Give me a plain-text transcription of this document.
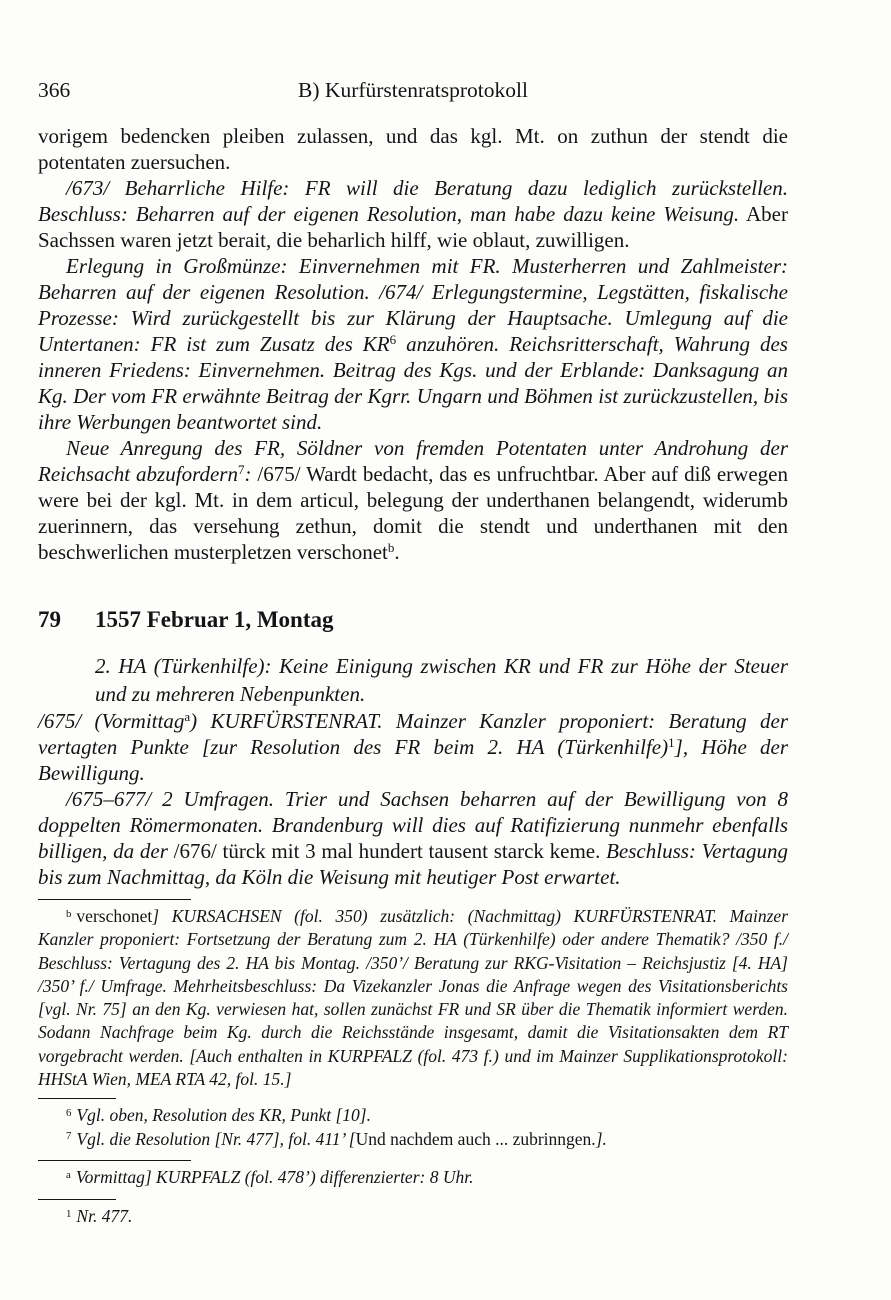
366	B) Kurfürstenratsprotokoll

vorigem bedencken pleiben zulassen, und das kgl. Mt. on zuthun der stendt die potentaten zuersuchen.

/673/ Beharrliche Hilfe: FR will die Beratung dazu lediglich zurückstellen. Beschluss: Beharren auf der eigenen Resolution, man habe dazu keine Weisung. Aber Sachssen waren jetzt berait, die beharlich hilff, wie oblaut, zuwilligen.

Erlegung in Großmünze: Einvernehmen mit FR. Musterherren und Zahlmeister: Beharren auf der eigenen Resolution. /674/ Erlegungstermine, Legstätten, fiskalische Prozesse: Wird zurückgestellt bis zur Klärung der Hauptsache. Umlegung auf die Untertanen: FR ist zum Zusatz des $KR^6$ anzuhören. Reichsritterschaft, Wahrung des inneren Friedens: Einvernehmen. Beitrag des Kgs. und der Erblande: Danksagung an Kg. Der vom FR erwähnte Beitrag der Kgrr. Ungarn und Böhmen ist zurückzustellen, bis ihre Werbungen beantwortet sind.

Neue Anregung des FR, Söldner von fremden Potentaten unter Androhung der Reichsacht abzufordern$^7$: /675/ Wardt bedacht, das es unfruchtbar. Aber auf diß erwegen were bei der kgl. Mt. in dem articul, belegung der underthanen belangendt, widerumb zuerinnern, das versehung zethun, domit die stendt und underthanen mit den beschwerlichen musterpletzen verschonet$^b$.

79	1557 Februar 1, Montag

2. HA (Türkenhilfe): Keine Einigung zwischen KR und FR zur Höhe der Steuer und zu mehreren Nebenpunkten.

/675/ (Vormittag$^a$) KURFÜRSTENRAT. Mainzer Kanzler proponiert: Beratung der vertagten Punkte [zur Resolution des FR beim 2. HA (Türkenhilfe)$^1$], Höhe der Bewilligung.

/675–677/ 2 Umfragen. Trier und Sachsen beharren auf der Bewilligung von 8 doppelten Römermonaten. Brandenburg will dies auf Ratifizierung nunmehr ebenfalls billigen, da der /676/ türck mit 3 mal hundert tausent starck keme. Beschluss: Vertagung bis zum Nachmittag, da Köln die Weisung mit heutiger Post erwartet.

$^b$ verschonet] KURSACHSEN (fol. 350) zusätzlich: (Nachmittag) KURFÜRSTENRAT. Mainzer Kanzler proponiert: Fortsetzung der Beratung zum 2. HA (Türkenhilfe) oder andere Thematik? /350 f./ Beschluss: Vertagung des 2. HA bis Montag. /350’/ Beratung zur RKG-Visitation – Reichsjustiz [4. HA] /350’ f./ Umfrage. Mehrheitsbeschluss: Da Vizekanzler Jonas die Anfrage wegen des Visitationsberichts [vgl. Nr. 75] an den Kg. verwiesen hat, sollen zunächst FR und SR über die Thematik informiert werden. Sodann Nachfrage beim Kg. durch die Reichsstände insgesamt, damit die Visitationsakten dem RT vorgebracht werden. [Auch enthalten in KURPFALZ (fol. 473 f.) und im Mainzer Supplikationsprotokoll: HHStA Wien, MEA RTA 42, fol. 15.]

$^6$ Vgl. oben, Resolution des KR, Punkt [10].

$^7$ Vgl. die Resolution [Nr. 477], fol. 411’ [Und nachdem auch ... zubrinngen.].

$^a$ Vormittag] KURPFALZ (fol. 478’) differenzierter: 8 Uhr.

$^1$ Nr. 477.
